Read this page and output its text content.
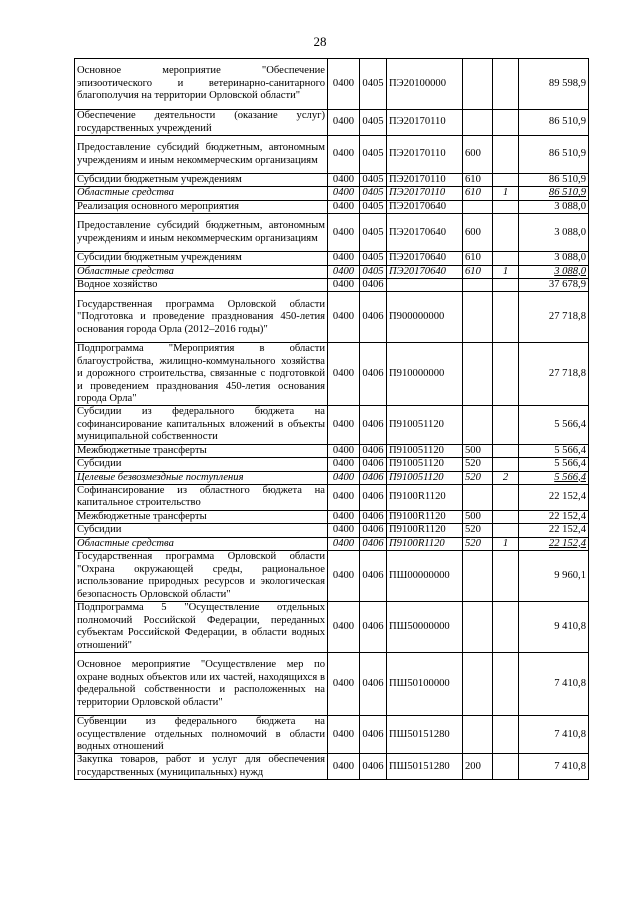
28
Основное мероприятие "Обеспечение эпизоотического и ветеринарно-санитарного благополучия на территории Орловской области"	0400	0405	ПЭ20100000			89 598,9
Обеспечение деятельности (оказание услуг) государственных учреждений	0400	0405	ПЭ20170110			86 510,9
Предоставление субсидий бюджетным, автономным учреждениям и иным некоммерческим организациям	0400	0405	ПЭ20170110	600		86 510,9
Субсидии бюджетным учреждениям	0400	0405	ПЭ20170110	610		86 510,9
Областные средства	0400	0405	ПЭ20170110	610	1	86 510,9
Реализация основного мероприятия	0400	0405	ПЭ20170640			3 088,0
Предоставление субсидий бюджетным, автономным учреждениям и иным некоммерческим организациям	0400	0405	ПЭ20170640	600		3 088,0
Субсидии бюджетным учреждениям	0400	0405	ПЭ20170640	610		3 088,0
Областные средства	0400	0405	ПЭ20170640	610	1	3 088,0
Водное хозяйство	0400	0406				37 678,9
Государственная программа Орловской области "Подготовка и проведение празднования 450-летия основания города Орла (2012–2016 годы)"	0400	0406	П900000000			27 718,8
Подпрограмма "Мероприятия в области благоустройства, жилищно-коммунального хозяйства и дорожного строительства, связанные с подготовкой и проведением празднования 450-летия основания города Орла"	0400	0406	П910000000			27 718,8
Субсидии из федерального бюджета на софинансирование капитальных вложений в объекты муниципальной собственности	0400	0406	П910051120			5 566,4
Межбюджетные трансферты	0400	0406	П910051120	500		5 566,4
Субсидии	0400	0406	П910051120	520		5 566,4
Целевые безвозмездные поступления	0400	0406	П910051120	520	2	5 566,4
Софинансирование из областного бюджета на капитальное строительство	0400	0406	П9100R1120			22 152,4
Межбюджетные трансферты	0400	0406	П9100R1120	500		22 152,4
Субсидии	0400	0406	П9100R1120	520		22 152,4
Областные средства	0400	0406	П9100R1120	520	1	22 152,4
Государственная программа Орловской области "Охрана окружающей среды, рациональное использование природных ресурсов и экологическая безопасность Орловской области"	0400	0406	ПШ00000000			9 960,1
Подпрограмма 5 "Осуществление отдельных полномочий Российской Федерации, переданных субъектам Российской Федерации, в области водных отношений"	0400	0406	ПШ50000000			9 410,8
Основное мероприятие "Осуществление мер по охране водных объектов или их частей, находящихся в федеральной собственности и расположенных на территории Орловской области"	0400	0406	ПШ50100000			7 410,8
Субвенции из федерального бюджета на осуществление отдельных полномочий в области водных отношений	0400	0406	ПШ50151280			7 410,8
Закупка товаров, работ и услуг для обеспечения государственных (муниципальных) нужд	0400	0406	ПШ50151280	200		7 410,8
